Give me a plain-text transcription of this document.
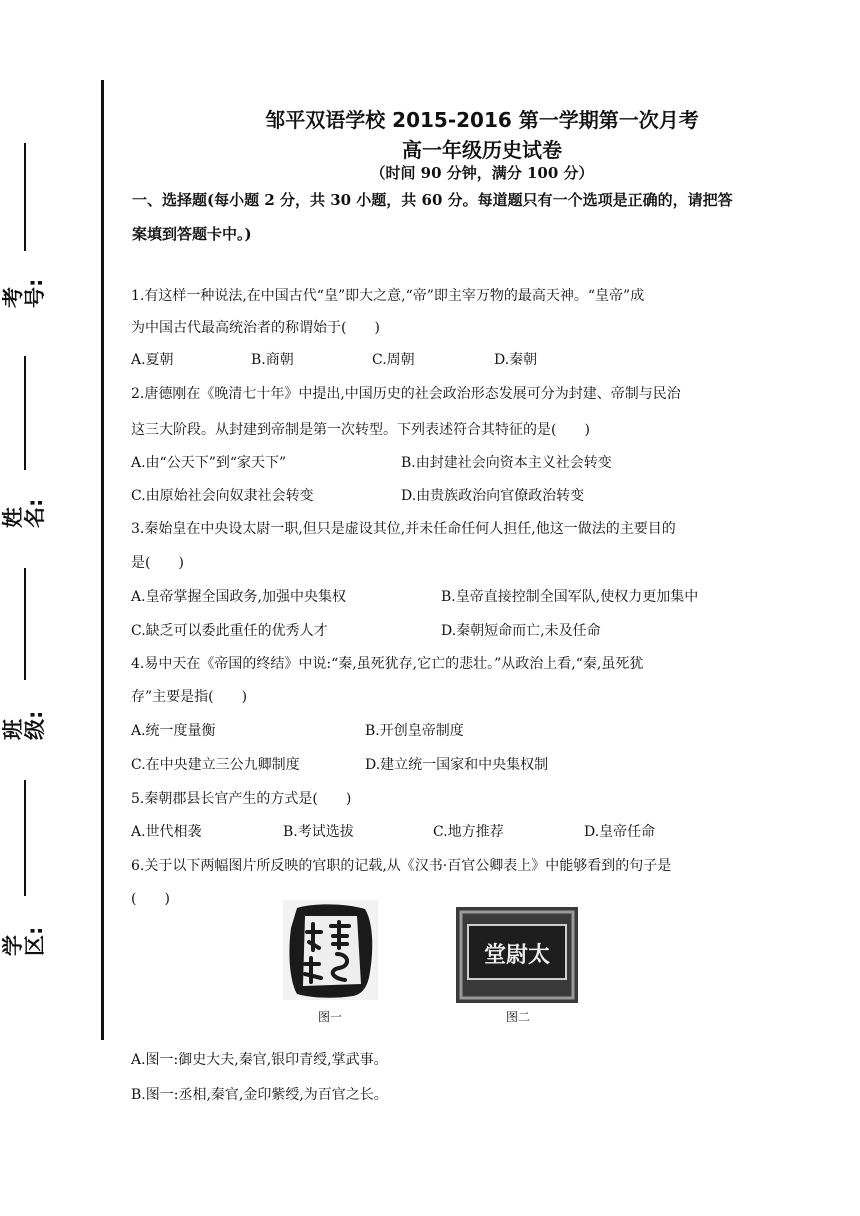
考号:
姓名:
班级:
学区:
邹平双语学校 2015-2016 第一学期第一次月考
高一年级历史试卷
（时间 90 分钟，满分 100 分）
一、选择题(每小题 2 分，共 30 小题，共 60 分。每道题只有一个选项是正确的，请把答案填到答题卡中。)
1.有这样一种说法,在中国古代“皇”即大之意,“帝”即主宰万物的最高天神。“皇帝”成
为中国古代最高统治者的称谓始于(　　)
A.夏朝	B.商朝	C.周朝	D.秦朝
2.唐德刚在《晚清七十年》中提出,中国历史的社会政治形态发展可分为封建、帝制与民治
这三大阶段。从封建到帝制是第一次转型。下列表述符合其特征的是(　　)
A.由“公天下”到“家天下”	B.由封建社会向资本主义社会转变
C.由原始社会向奴隶社会转变	D.由贵族政治向官僚政治转变
3.秦始皇在中央设太尉一职,但只是虚设其位,并未任命任何人担任,他这一做法的主要目的
是(　　)
A.皇帝掌握全国政务,加强中央集权	B.皇帝直接控制全国军队,使权力更加集中
C.缺乏可以委此重任的优秀人才	D.秦朝短命而亡,未及任命
4.易中天在《帝国的终结》中说:“秦,虽死犹存,它亡的悲壮。”从政治上看,“秦,虽死犹
存”主要是指(　　)
A.统一度量衡	B.开创皇帝制度
C.在中央建立三公九卿制度	D.建立统一国家和中央集权制
5.秦朝郡县长官产生的方式是(　　)
A.世代相袭	B.考试选拔	C.地方推荐	D.皇帝任命
6.关于以下两幅图片所反映的官职的记载,从《汉书·百官公卿表上》中能够看到的句子是
(　　)
图一
堂尉太
图二
A.图一:御史大夫,秦官,银印青绶,掌武事。
B.图一:丞相,秦官,金印紫绶,为百官之长。
